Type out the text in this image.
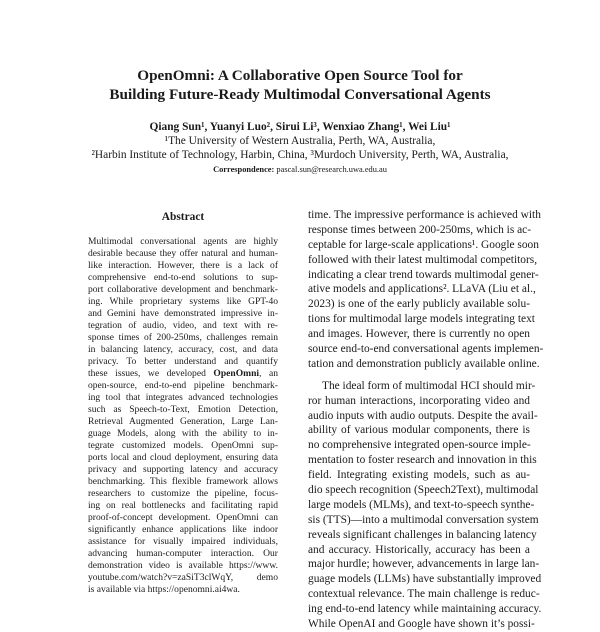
OpenOmni: A Collaborative Open Source Tool for
Building Future-Ready Multimodal Conversational Agents
Qiang Sun¹, Yuanyi Luo², Sirui Li³, Wenxiao Zhang¹, Wei Liu¹
¹The University of Western Australia, Perth, WA, Australia,
²Harbin Institute of Technology, Harbin, China, ³Murdoch University, Perth, WA, Australia,
Correspondence: pascal.sun@research.uwa.edu.au
Abstract
Multimodal conversational agents are highly
desirable because they offer natural and human-
like interaction. However, there is a lack of
comprehensive end-to-end solutions to sup-
port collaborative development and benchmark-
ing. While proprietary systems like GPT-4o
and Gemini have demonstrated impressive in-
tegration of audio, video, and text with re-
sponse times of 200-250ms, challenges remain
in balancing latency, accuracy, cost, and data
privacy. To better understand and quantify
these issues, we developed OpenOmni, an
open-source, end-to-end pipeline benchmark-
ing tool that integrates advanced technologies
such as Speech-to-Text, Emotion Detection,
Retrieval Augmented Generation, Large Lan-
guage Models, along with the ability to in-
tegrate customized models. OpenOmni sup-
ports local and cloud deployment, ensuring data
privacy and supporting latency and accuracy
benchmarking. This flexible framework allows
researchers to customize the pipeline, focus-
ing on real bottlenecks and facilitating rapid
proof-of-concept development. OpenOmni can
significantly enhance applications like indoor
assistance for visually impaired individuals,
advancing human-computer interaction. Our
demonstration video is available https://www.
youtube.com/watch?v=zaSiT3clWqY, demo
is available via https://openomni.ai4wa.
time. The impressive performance is achieved with
response times between 200-250ms, which is ac-
ceptable for large-scale applications¹. Google soon
followed with their latest multimodal competitors,
indicating a clear trend towards multimodal gener-
ative models and applications². LLaVA (Liu et al.,
2023) is one of the early publicly available solu-
tions for multimodal large models integrating text
and images. However, there is currently no open
source end-to-end conversational agents implemen-
tation and demonstration publicly available online.
The ideal form of multimodal HCI should mir-
ror human interactions, incorporating video and
audio inputs with audio outputs. Despite the avail-
ability of various modular components, there is
no comprehensive integrated open-source imple-
mentation to foster research and innovation in this
field. Integrating existing models, such as au-
dio speech recognition (Speech2Text), multimodal
large models (MLMs), and text-to-speech synthe-
sis (TTS)—into a multimodal conversation system
reveals significant challenges in balancing latency
and accuracy. Historically, accuracy has been a
major hurdle; however, advancements in large lan-
guage models (LLMs) have substantially improved
contextual relevance. The main challenge is reduc-
ing end-to-end latency while maintaining accuracy.
While OpenAI and Google have shown it’s possi-
